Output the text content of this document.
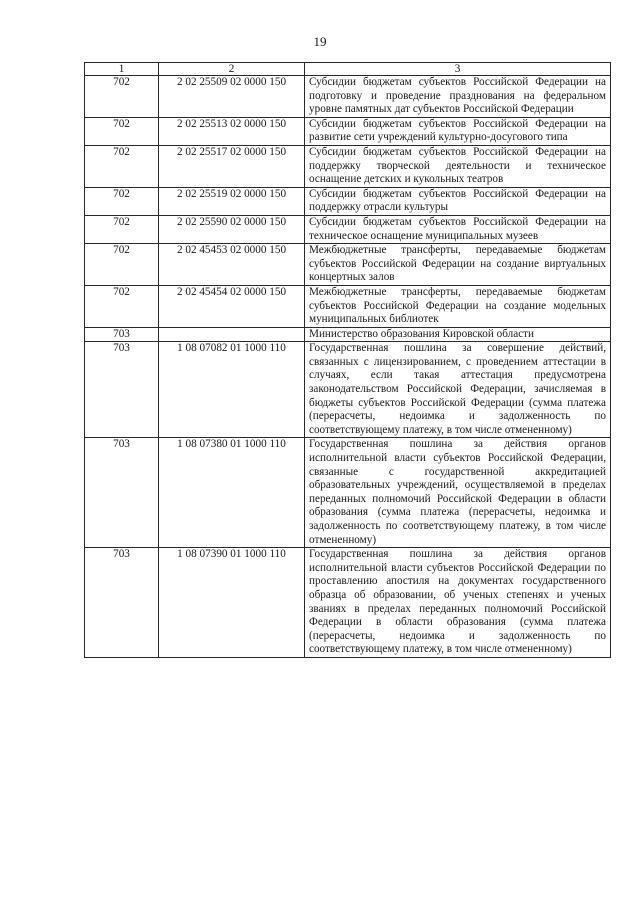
19
1	2	3
702	2 02 25509 02 0000 150	Субсидии бюджетам субъектов Российской Федерации на подготовку и проведение празднования на федеральном уровне памятных дат субъектов Российской Федерации
702	2 02 25513 02 0000 150	Субсидии бюджетам субъектов Российской Федерации на развитие сети учреждений культурно-досугового типа
702	2 02 25517 02 0000 150	Субсидии бюджетам субъектов Российской Федерации на поддержку творческой деятельности и техническое оснащение детских и кукольных театров
702	2 02 25519 02 0000 150	Субсидии бюджетам субъектов Российской Федерации на поддержку отрасли культуры
702	2 02 25590 02 0000 150	Субсидии бюджетам субъектов Российской Федерации на техническое оснащение муниципальных музеев
702	2 02 45453 02 0000 150	Межбюджетные трансферты, передаваемые бюджетам субъектов Российской Федерации на создание виртуальных концертных залов
702	2 02 45454 02 0000 150	Межбюджетные трансферты, передаваемые бюджетам субъектов Российской Федерации на создание модельных муниципальных библиотек
703		Министерство образования Кировской области
703	1 08 07082 01 1000 110	Государственная пошлина за совершение действий, связанных с лицензированием, с проведением аттестации в случаях, если такая аттестация предусмотрена законодательством Российской Федерации, зачисляемая в бюджеты субъектов Российской Федерации (сумма платежа (перерасчеты, недоимка и задолженность по соответствующему платежу, в том числе отмененному)
703	1 08 07380 01 1000 110	Государственная пошлина за действия органов исполнительной власти субъектов Российской Федерации, связанные с государственной аккредитацией образовательных учреждений, осуществляемой в пределах переданных полномочий Российской Федерации в области образования (сумма платежа (перерасчеты, недоимка и задолженность по соответствующему платежу, в том числе отмененному)
703	1 08 07390 01 1000 110	Государственная пошлина за действия органов исполнительной власти субъектов Российской Федерации по проставлению апостиля на документах государственного образца об образовании, об ученых степенях и ученых званиях в пределах переданных полномочий Российской Федерации в области образования (сумма платежа (перерасчеты, недоимка и задолженность по соответствующему платежу, в том числе отмененному)
